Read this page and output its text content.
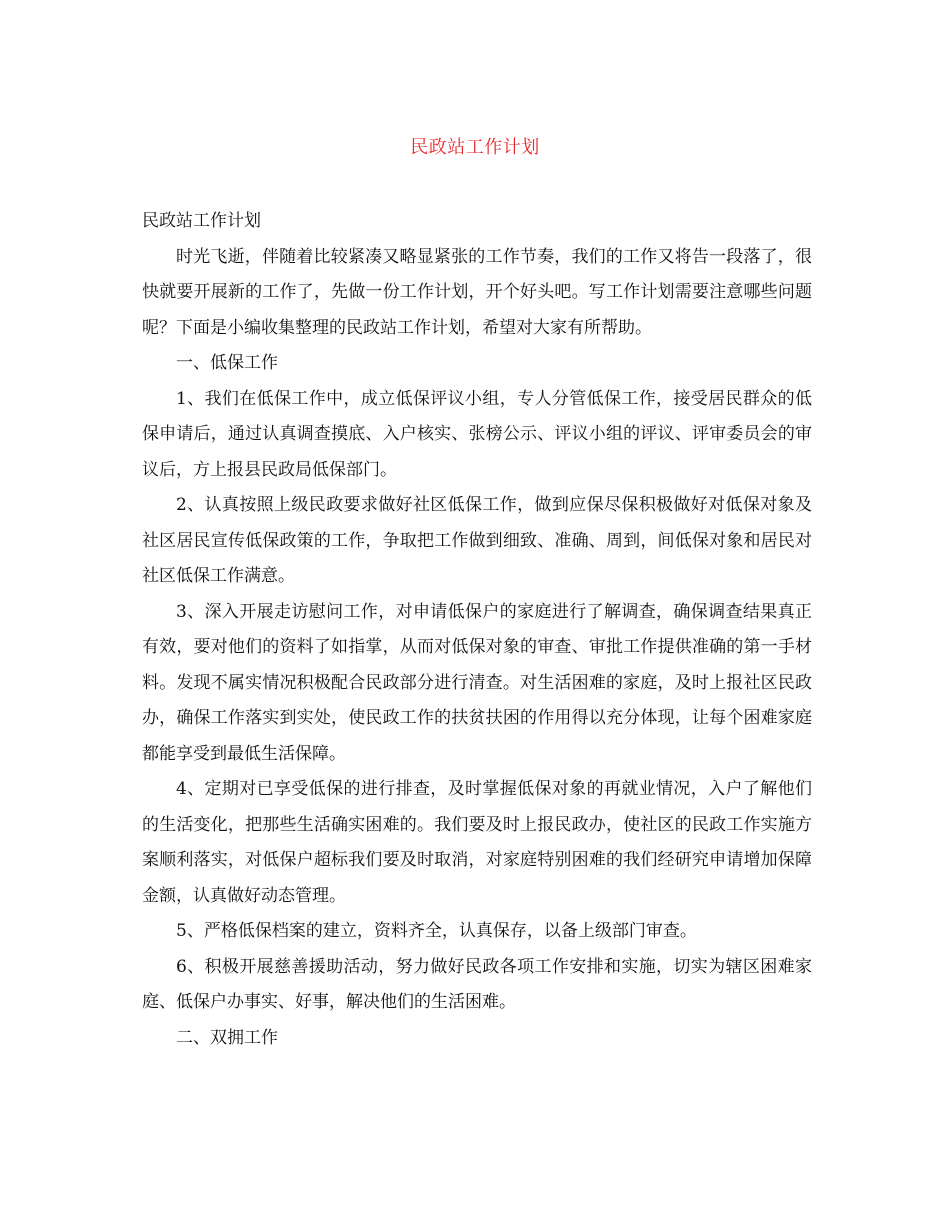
民政站工作计划

民政站工作计划

时光飞逝，伴随着比较紧凑又略显紧张的工作节奏，我们的工作又将告一段落了，很快就要开展新的工作了，先做一份工作计划，开个好头吧。写工作计划需要注意哪些问题呢？下面是小编收集整理的民政站工作计划，希望对大家有所帮助。

一、低保工作

1、我们在低保工作中，成立低保评议小组，专人分管低保工作，接受居民群众的低保申请后，通过认真调查摸底、入户核实、张榜公示、评议小组的评议、评审委员会的审议后，方上报县民政局低保部门。

2、认真按照上级民政要求做好社区低保工作，做到应保尽保积极做好对低保对象及社区居民宣传低保政策的工作，争取把工作做到细致、准确、周到，间低保对象和居民对社区低保工作满意。

3、深入开展走访慰问工作，对申请低保户的家庭进行了解调查，确保调查结果真正有效，要对他们的资料了如指掌，从而对低保对象的审查、审批工作提供准确的第一手材料。发现不属实情况积极配合民政部分进行清查。对生活困难的家庭，及时上报社区民政办，确保工作落实到实处，使民政工作的扶贫扶困的作用得以充分体现，让每个困难家庭都能享受到最低生活保障。

4、定期对已享受低保的进行排查，及时掌握低保对象的再就业情况，入户了解他们的生活变化，把那些生活确实困难的。我们要及时上报民政办，使社区的民政工作实施方案顺利落实，对低保户超标我们要及时取消，对家庭特别困难的我们经研究申请增加保障金额，认真做好动态管理。

5、严格低保档案的建立，资料齐全，认真保存，以备上级部门审查。

6、积极开展慈善援助活动，努力做好民政各项工作安排和实施，切实为辖区困难家庭、低保户办事实、好事，解决他们的生活困难。

二、双拥工作
